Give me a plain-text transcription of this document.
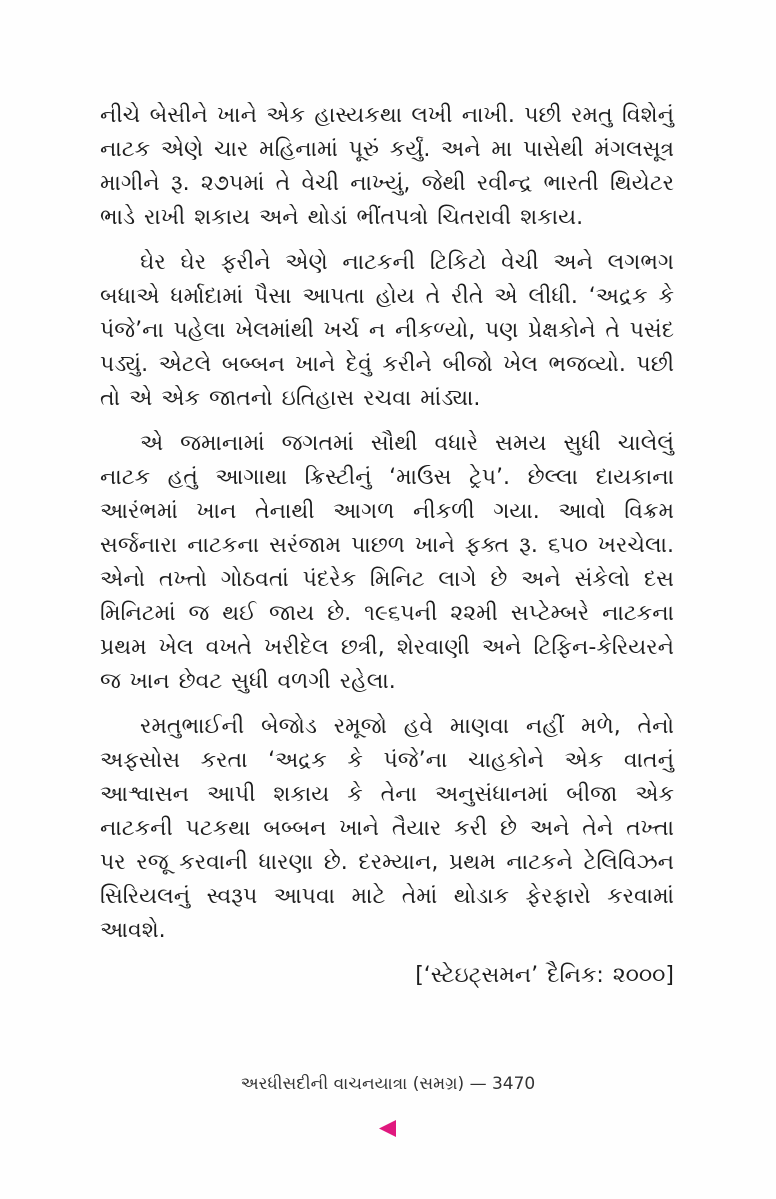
નીચે બેસીને ખાને એક હાસ્યકથા લખી નાખી. પછી રમતુ વિશેનું નાટક એણે ચાર મહિનામાં પૂરું કર્યું. અને મા પાસેથી મંગલસૂત્ર માગીને રૂ. ૨૭૫માં તે વેચી નાખ્યું, જેથી રવીન્દ્ર ભારતી થિયેટર ભાડે રાખી શકાય અને થોડાં ભીંતપત્રો ચિતરાવી શકાય.

ઘેર ઘેર ફરીને એણે નાટકની ટિકિટો વેચી અને લગભગ બધાએ ધર્માદામાં પૈસા આપતા હોય તે રીતે એ લીધી. ‘અદ્રક કે પંજે’ના પહેલા ખેલમાંથી ખર્ચ ન નીકળ્યો, પણ પ્રેક્ષકોને તે પસંદ પડ્યું. એટલે બબ્બન ખાને દેવું કરીને બીજો ખેલ ભજવ્યો. પછી તો એ એક જાતનો ઇતિહાસ રચવા માંડ્યા.

એ જમાનામાં જગતમાં સૌથી વધારે સમય સુધી ચાલેલું નાટક હતું આગાથા ક્રિસ્ટીનું ‘માઉસ ટ્રેપ’. છેલ્લા દાયકાના આરંભમાં ખાન તેનાથી આગળ નીકળી ગયા. આવો વિક્રમ સર્જનારા નાટકના સરંજામ પાછળ ખાને ફક્ત રૂ. ૬૫૦ ખરચેલા. એનો તખ્તો ગોઠવતાં પંદરેક મિનિટ લાગે છે અને સંકેલો દસ મિનિટમાં જ થઈ જાય છે. ૧૯૬૫ની ૨૨મી સપ્ટેમ્બરે નાટકના પ્રથમ ખેલ વખતે ખરીદેલ છત્રી, શેરવાણી અને ટિફિન-કેરિયરને જ ખાન છેવટ સુધી વળગી રહેલા.

રમતુભાઈની બેજોડ રમૂજો હવે માણવા નહીં મળે, તેનો અફસોસ કરતા ‘અદ્રક કે પંજે’ના ચાહકોને એક વાતનું આશ્વાસન આપી શકાય કે તેના અનુસંધાનમાં બીજા એક નાટકની પટકથા બબ્બન ખાને તૈયાર કરી છે અને તેને તખ્તા પર રજૂ કરવાની ધારણા છે. દરમ્યાન, પ્રથમ નાટકને ટેલિવિઝન સિરિયલનું સ્વરૂપ આપવા માટે તેમાં થોડાક ફેરફારો કરવામાં આવશે.

[‘સ્ટેઇટ્સમન’ દૈનિક: ૨૦૦૦]

અરધીસદીની વાચનયાત્રા (સમગ્ર) — 3470
